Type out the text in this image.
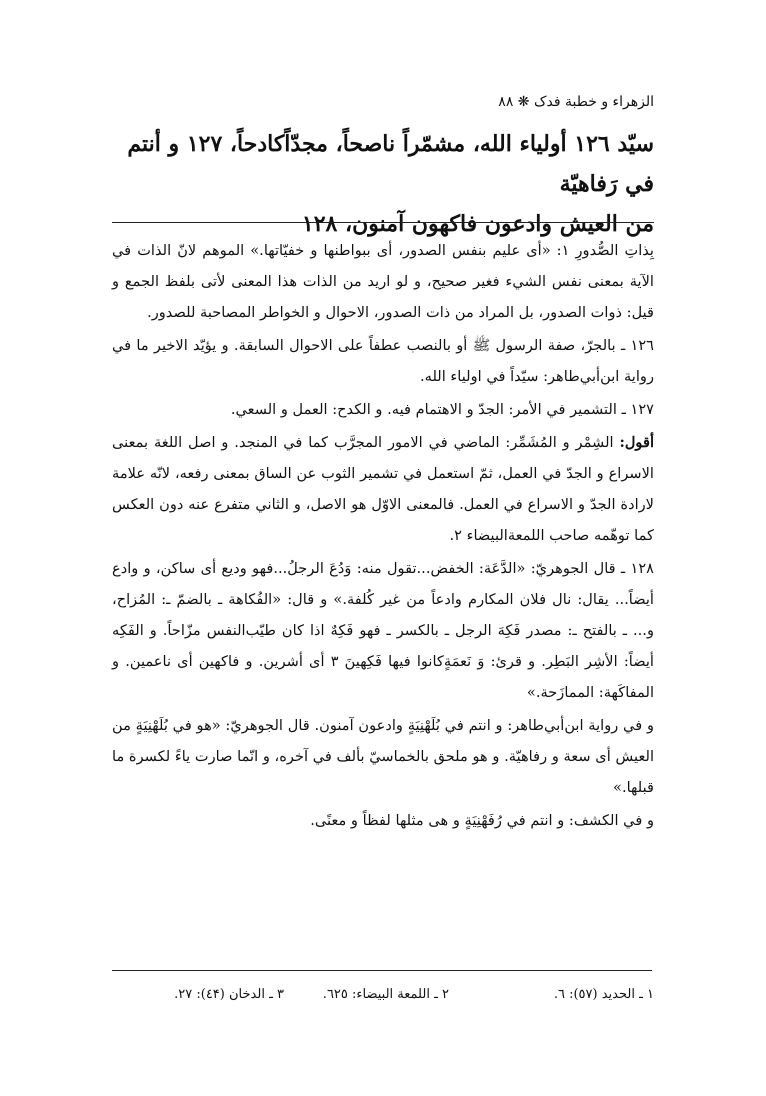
الزهراء و خطبة فدک ❋ ٨٨
سيّد ١٢٦ أولياء الله، مشمّراً ناصحاً، مجدّاًكادحاً، ١٢٧ و أنتم في رَفاهيّة
من العيش وادعون فاكهون آمنون، ١٢٨

بِذاتِ الصُّدورِ ١: «أى عليم بنفس الصدور، أى ببواطنها و خفيّاتها.» الموهم لانّ الذات في الآية بمعنى نفس الشيء فغير صحيح، و لو اريد من الذات هذا المعنى لأتى بلفظ الجمع و قيل: ذوات الصدور، بل المراد من ذات الصدور، الاحوال و الخواطر المصاحبة للصدور.

١٢٦ ـ بالجرّ، صفة الرسول ﷺ أو بالنصب عطفاً على الاحوال السابقة. و يؤيّد الاخير ما في رواية ابن‌أبي‌طاهر: سيّداً في اولياء الله.

١٢٧ ـ التشمير في الأمر: الجدّ و الاهتمام فيه. و الكدح: العمل و السعي.

أقول: الشِمْر و المُشَمِّر: الماضي في الامور المجرَّب كما في المنجد. و اصل اللغة بمعنى الاسراع و الجدّ في العمل، ثمّ استعمل في تشمير الثوب عن الساق بمعنى رفعه، لانّه علامة لارادة الجدّ و الاسراع في العمل. فالمعنى الاوّل هو الاصل، و الثاني متفرع عنه دون العكس كما توهّمه صاحب اللمعةالبيضاء ٢.

١٢٨ ـ قال الجوهريّ: «الدَّعَة: الخفض...تقول منه: وَدُعَ الرجلُ...فهو وديع أى ساكن، و وادع أيضاً... يقال: نال فلان المكارم وادعاً من غير كُلفة.» و قال: «الفُكاهة ـ بالضمّ ـ: المُزاح، و... ـ بالفتح ـ: مصدر فَكِهَ الرجل ـ بالكسر ـ فهو فَكِهٌ اذا كان طيّب‌النفس مزّاحاً. و الفَكِه أيضاً: الأشِر البَطِر. و قرئ: وَ نَعمَةٍكانوا فيها فَكِهينَ ٣ أى أشرين. و فاكهين أى ناعمين. و المفاكَهة: الممازَحة.»

و في رواية ابن‌أبي‌طاهر: و انتم في بُلَهْنِيَةٍ وادعون آمنون. قال الجوهريّ: «هو في بُلَهْنِيَةٍ من العيش أى سعة و رفاهيّة. و هو ملحق بالخماسيّ بألف في آخره، و انّما صارت ياءً لكسرة ما قبلها.»

و في الكشف: و انتم في رُفَهْنِيَةٍ و هى مثلها لفظاً و معنًى.

١ ـ الحديد (٥٧): ٦.
٢ ـ اللمعة البيضاء: ٦٢٥.
٣ ـ الدخان (٤۴): ٢٧.
